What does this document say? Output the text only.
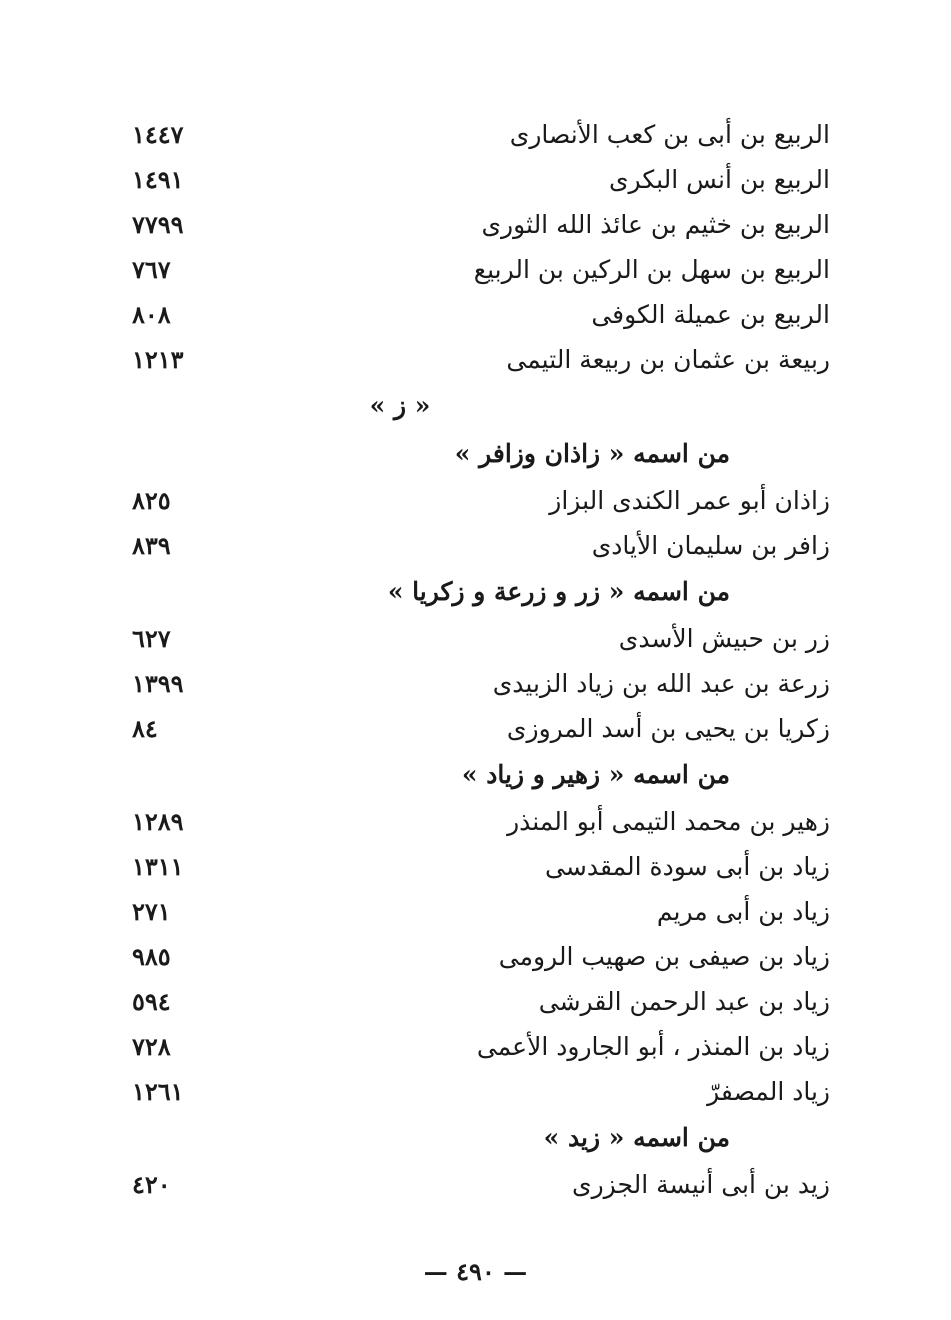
الربيع بن أبى بن كعب الأنصارى
١٤٤٧
الربيع بن أنس البكرى
١٤٩١
الربيع بن خثيم بن عائذ الله الثورى
٧٧٩٩
الربيع بن سهل بن الركين بن الربيع
٧٦٧
الربيع بن عميلة الكوفى
٨٠٨
ربيعة بن عثمان بن ربيعة التيمى
١٢١٣
« ز »
من اسمه « زاذان وزافر »
زاذان أبو عمر الكندى البزاز
٨٢٥
زافر بن سليمان الأيادى
٨٣٩
من اسمه « زر و زرعة و زكريا »
زر بن حبيش الأسدى
٦٢٧
زرعة بن عبد الله بن زياد الزبيدى
١٣٩٩
زكريا بن يحيى بن أسد المروزى
٨٤
من اسمه « زهير و زياد »
زهير بن محمد التيمى أبو المنذر
١٢٨٩
زياد بن أبى سودة المقدسى
١٣١١
زياد بن أبى مريم
٢٧١
زياد بن صيفى بن صهيب الرومى
٩٨٥
زياد بن عبد الرحمن القرشى
٥٩٤
زياد بن المنذر ، أبو الجارود الأعمى
٧٢٨
زياد المصفرّ
١٢٦١
من اسمه « زيد »
زيد بن أبى أنيسة الجزرى
٤٢٠
— ٤٩٠ —
